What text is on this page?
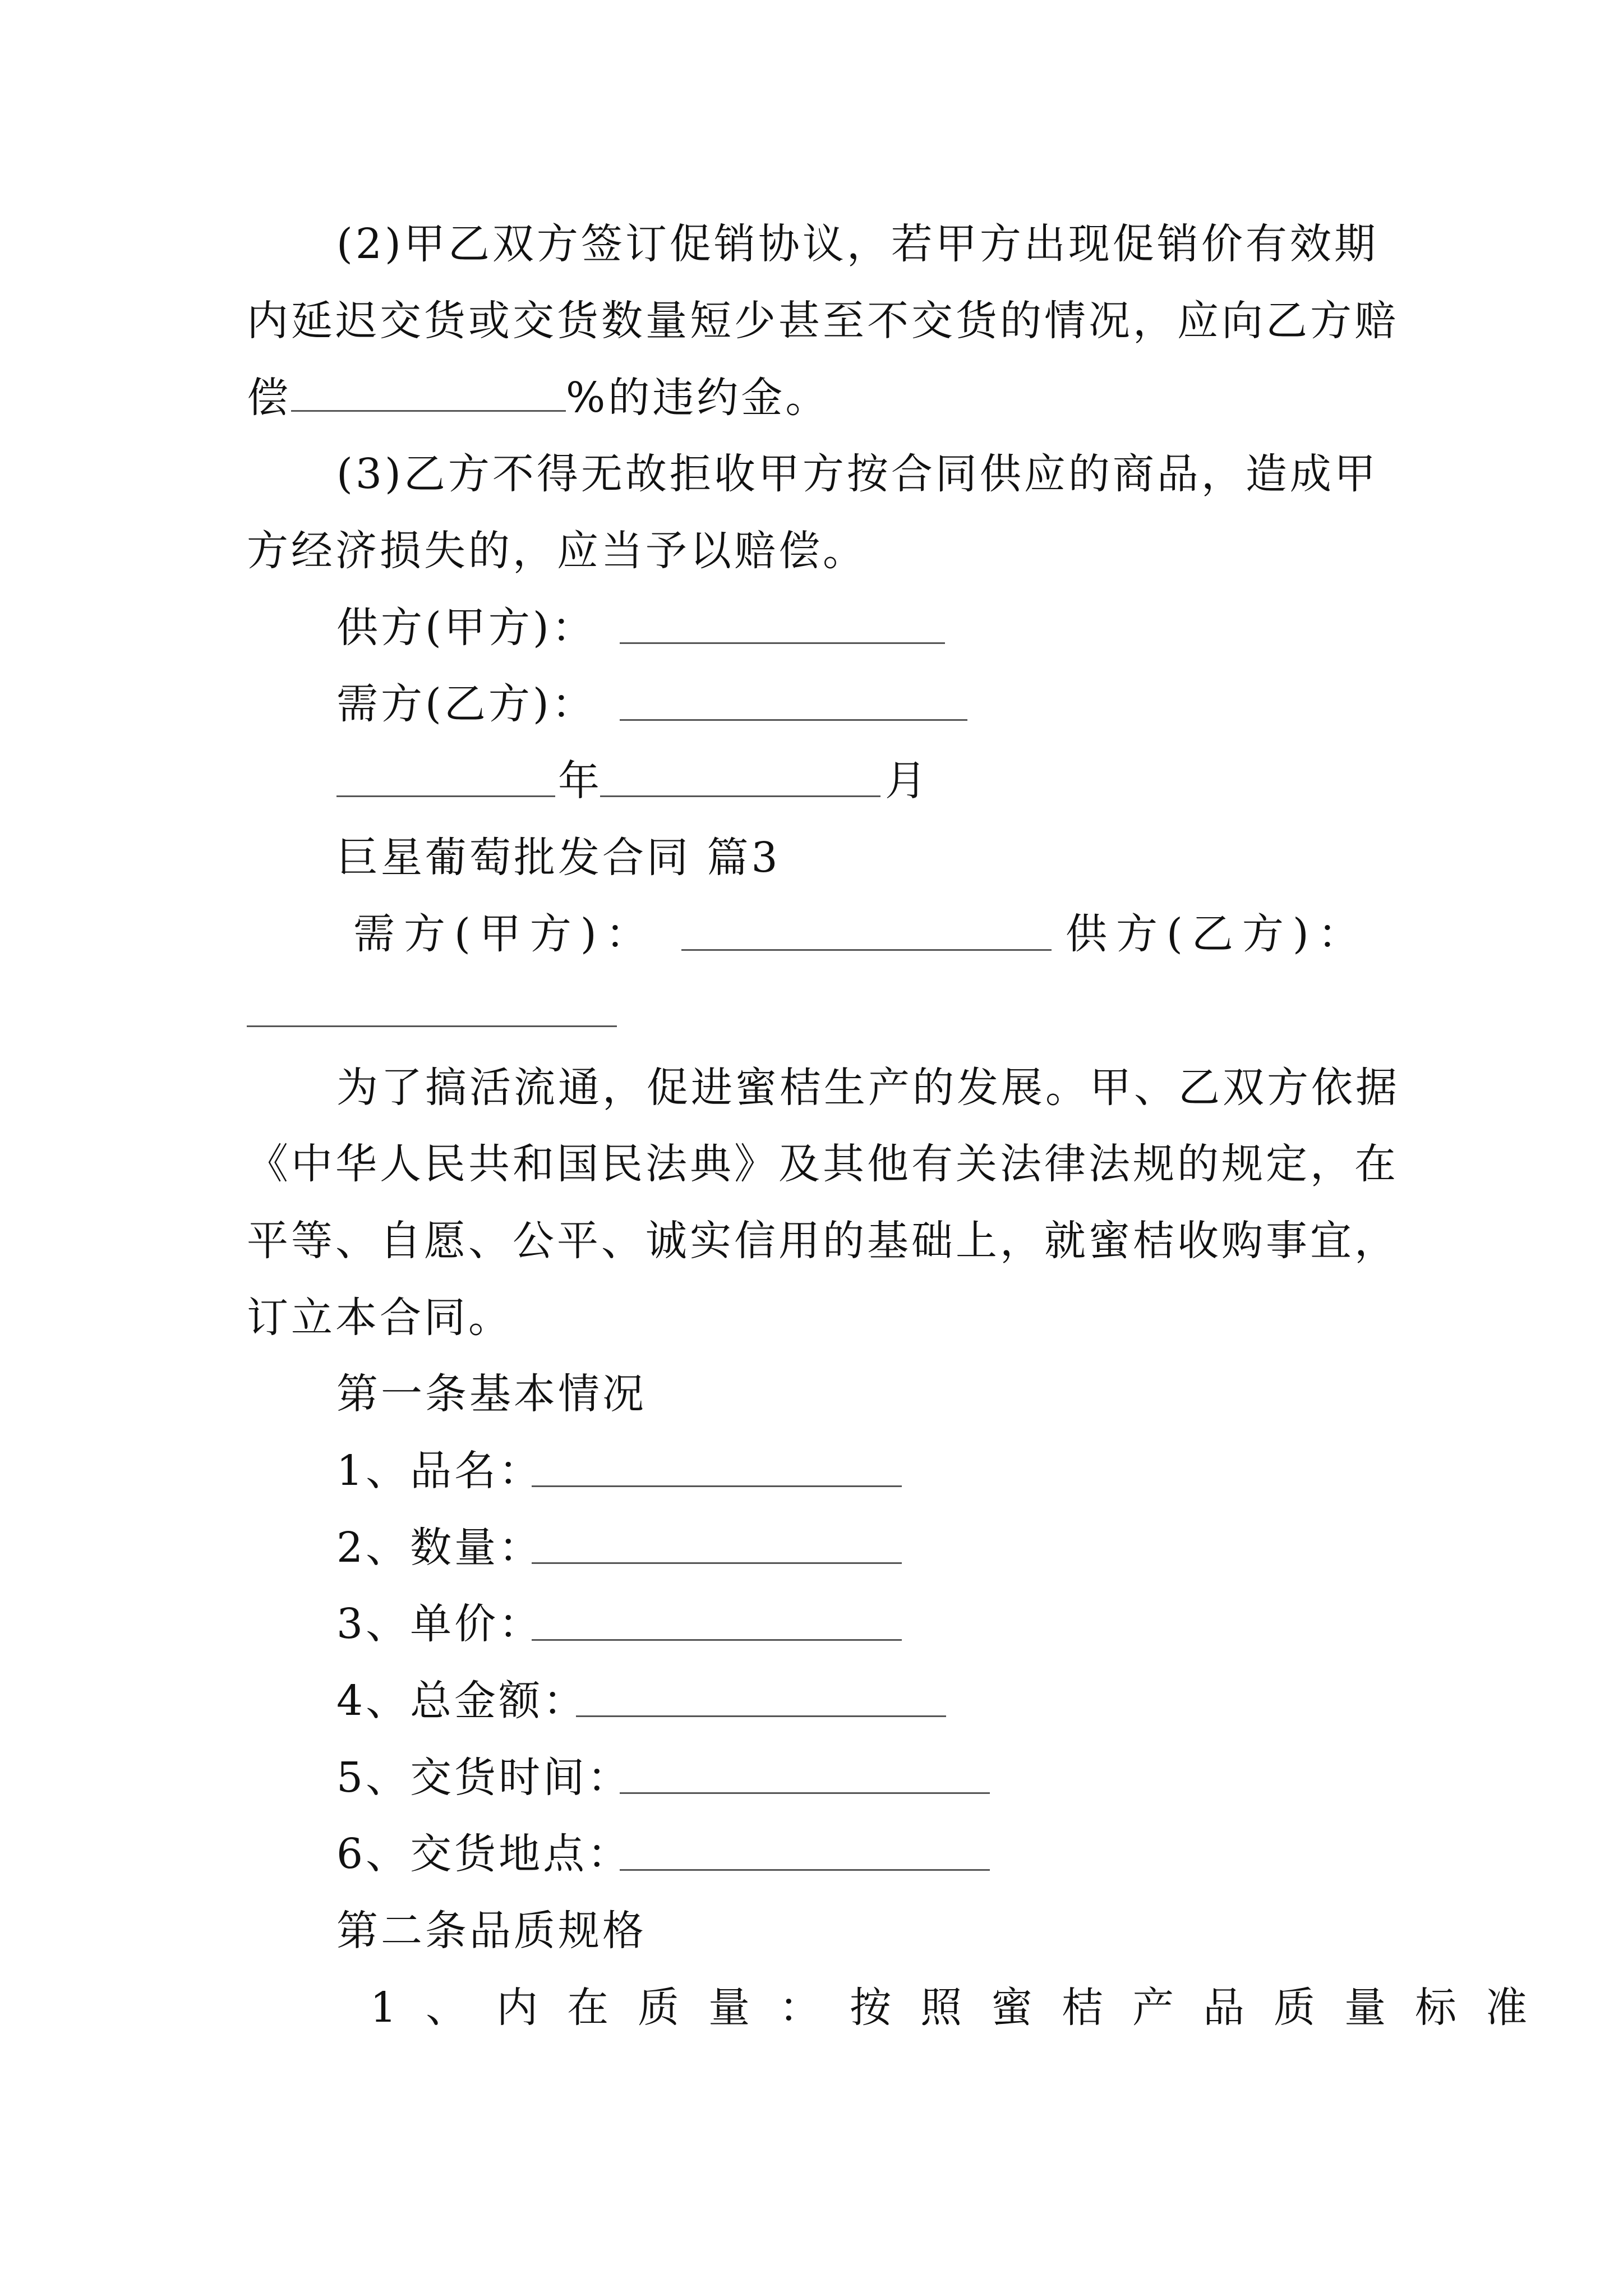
(2)甲乙双方签订促销协议，若甲方出现促销价有效期
内延迟交货或交货数量短少甚至不交货的情况，应向乙方赔
偿	%的违约金。
(3)乙方不得无故拒收甲方按合同供应的商品，造成甲
方经济损失的，应当予以赔偿。
供方(甲方)：
需方(乙方)：
年	月
巨星葡萄批发合同 篇3
需方(甲方)：	供方(乙方)：
为了搞活流通，促进蜜桔生产的发展。甲、乙双方依据
《中华人民共和国民法典》及其他有关法律法规的规定，在
平等、自愿、公平、诚实信用的基础上，就蜜桔收购事宜，
订立本合同。
第一条基本情况
1、品名：
2、数量：
3、单价：
4、总金额：
5、交货时间：
6、交货地点：
第二条品质规格
1、内在质量：按照蜜桔产品质量标准
